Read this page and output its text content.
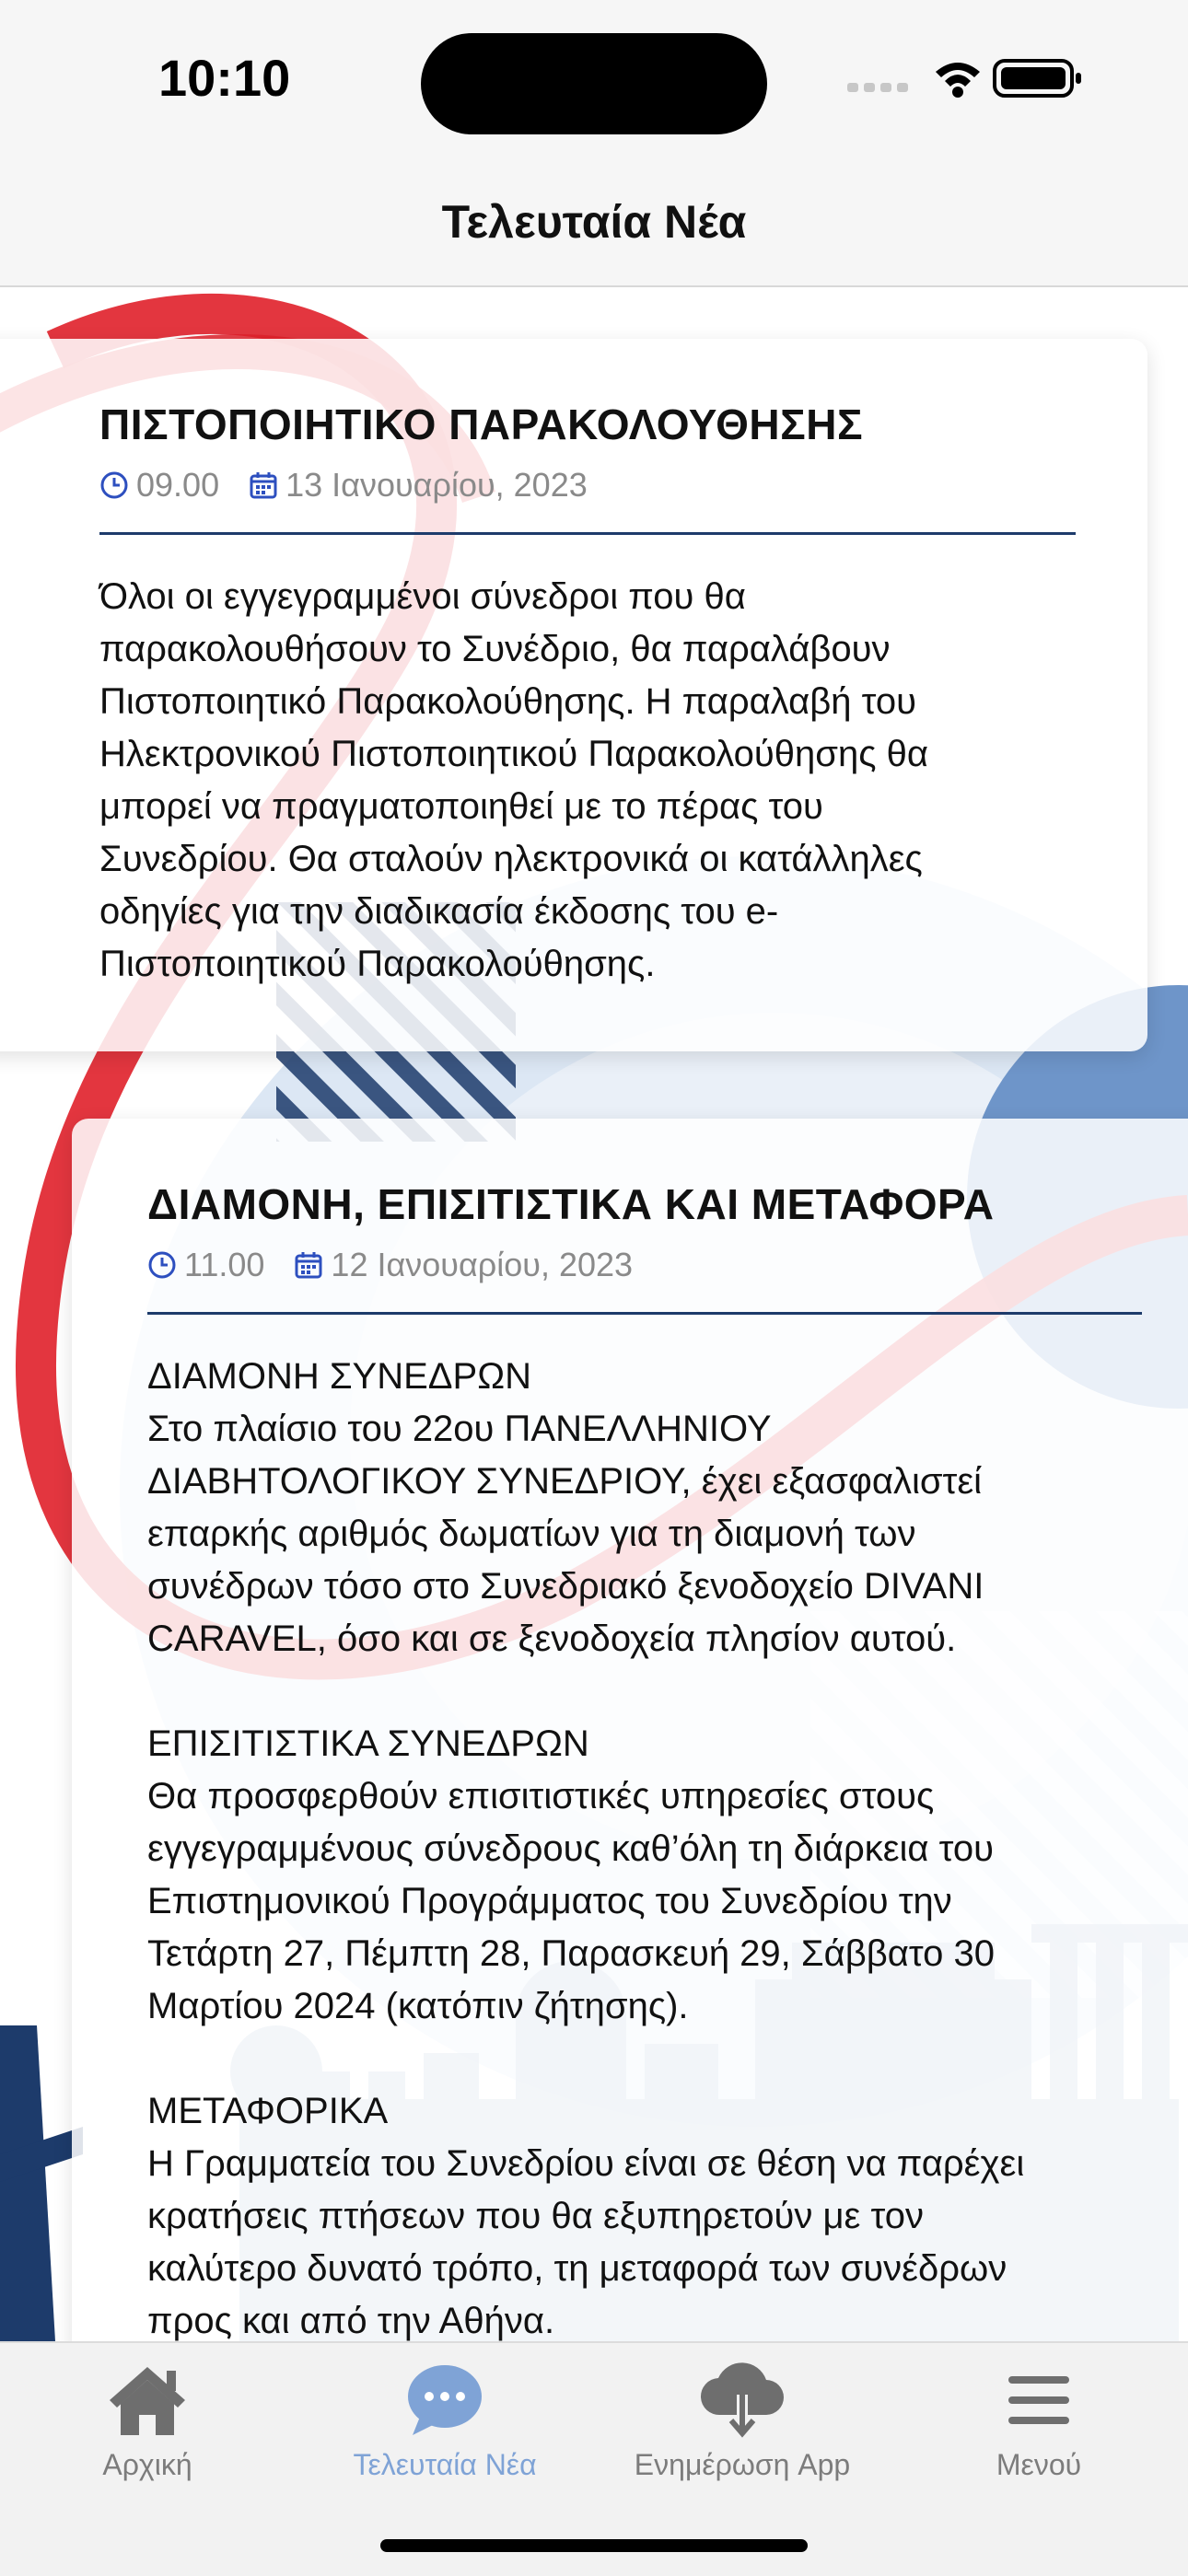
10:10
Τελευταία Νέα
ΠΙΣΤΟΠΟΙΗΤΙΚΟ ΠΑΡΑΚΟΛΟΥΘΗΣΗΣ
09.00 13 Ιανουαρίου, 2023

Όλοι οι εγγεγραμμένοι σύνεδροι που θα

παρακολουθήσουν το Συνέδριο, θα παραλάβουν

Πιστοποιητικό Παρακολούθησης. Η παραλαβή του

Ηλεκτρονικού Πιστοποιητικού Παρακολούθησης θα

μπορεί να πραγματοποιηθεί με το πέρας του

Συνεδρίου. Θα σταλούν ηλεκτρονικά οι κατάλληλες

οδηγίες για την διαδικασία έκδοσης του e-

Πιστοποιητικού Παρακολούθησης.

ΔΙΑΜΟΝΗ, ΕΠΙΣΙΤΙΣΤΙΚΑ ΚΑΙ ΜΕΤΑΦΟΡΑ
11.00 12 Ιανουαρίου, 2023

ΔΙΑΜΟΝΗ ΣΥΝΕΔΡΩΝ

Στο πλαίσιο του 22ου ΠΑΝΕΛΛΗΝΙΟΥ

ΔΙΑΒΗΤΟΛΟΓΙΚΟΥ ΣΥΝΕΔΡΙΟΥ, έχει εξασφαλιστεί

επαρκής αριθμός δωματίων για τη διαμονή των

συνέδρων τόσο στο Συνεδριακό ξενοδοχείο DIVANI

CARAVEL, όσο και σε ξενοδοχεία πλησίον αυτού.

ΕΠΙΣΙΤΙΣΤΙΚΑ ΣΥΝΕΔΡΩΝ

Θα προσφερθούν επισιτιστικές υπηρεσίες στους

εγγεγραμμένους σύνεδρους καθ’όλη τη διάρκεια του

Επιστημονικού Προγράμματος του Συνεδρίου την

Τετάρτη 27, Πέμπτη 28, Παρασκευή 29, Σάββατο 30

Μαρτίου 2024 (κατόπιν ζήτησης).

ΜΕΤΑΦΟΡΙΚΑ

Η Γραμματεία του Συνεδρίου είναι σε θέση να παρέχει

κρατήσεις πτήσεων που θα εξυπηρετούν με τον

καλύτερο δυνατό τρόπο, τη μεταφορά των συνέδρων

προς και από την Αθήνα.

Αρχική	Τελευταία Νέα	Ενημέρωση App	Μενού
